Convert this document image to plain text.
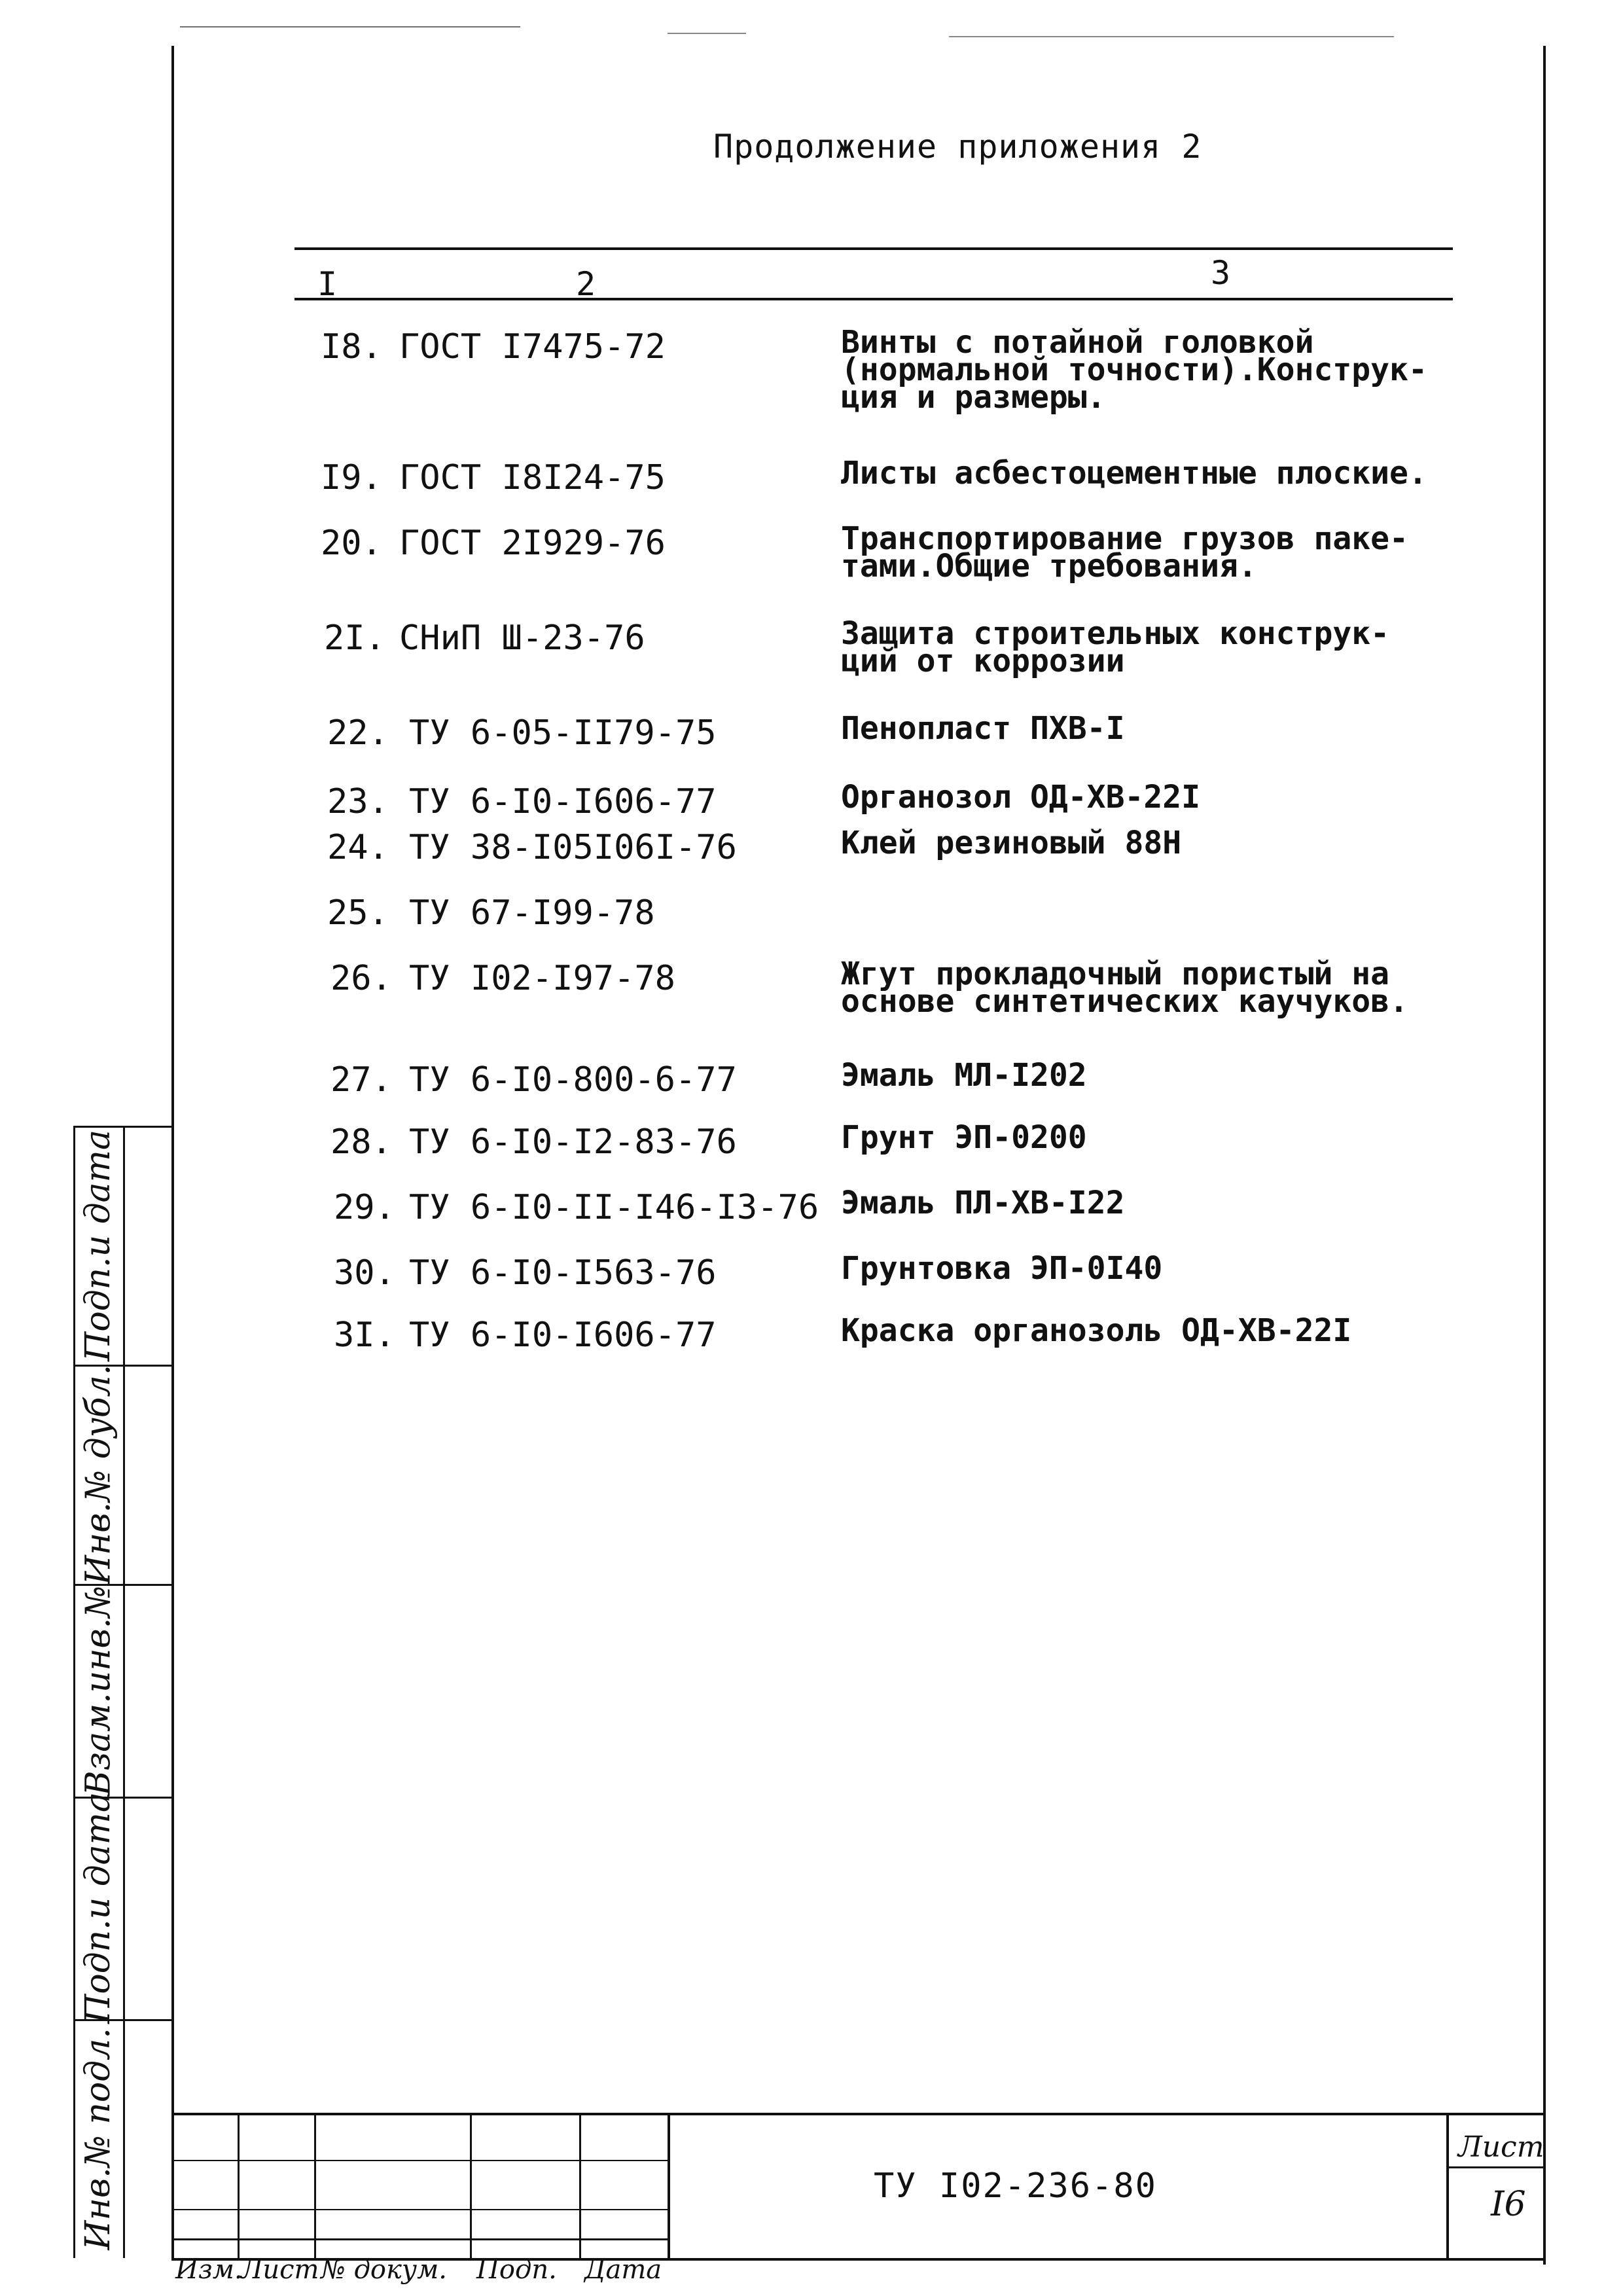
Продолжение приложения 2
I	2	3
I8. ГОСТ I7475-72	Винты с потайной головкой
(нормальной точности).Конструк-
ция и размеры.
I9. ГОСТ I8I24-75	Листы асбестоцементные плоские.
20. ГОСТ 2I929-76	Транспортирование грузов паке-
тами.Общие требования.
2I. СНиП Ш-23-76	Защита строительных конструк-
ций от коррозии
22. ТУ 6-05-II79-75	Пенопласт ПХВ-I
23. ТУ 6-I0-I606-77	Органозол ОД-ХВ-22I
24. ТУ 38-I05I06I-76	Клей резиновый 88Н
25. ТУ 67-I99-78
26. ТУ I02-I97-78	Жгут прокладочный пористый на
основе синтетических каучуков.
27. ТУ 6-I0-800-6-77	Эмаль МЛ-I202
28. ТУ 6-I0-I2-83-76	Грунт ЭП-0200
29. ТУ 6-I0-II-I46-I3-76 Эмаль ПЛ-ХВ-I22
30. ТУ 6-I0-I563-76	Грунтовка ЭП-0I40
3I. ТУ 6-I0-I606-77	Краска органозоль ОД-ХВ-22I
Подп.и дата
Инв.№ дубл.
Взам.инв.№
Подп.и дата
Инв.№ подл.	ТУ I02-236-80
Лист
I6
Изм.
Лист № докум. Подп. Дата
